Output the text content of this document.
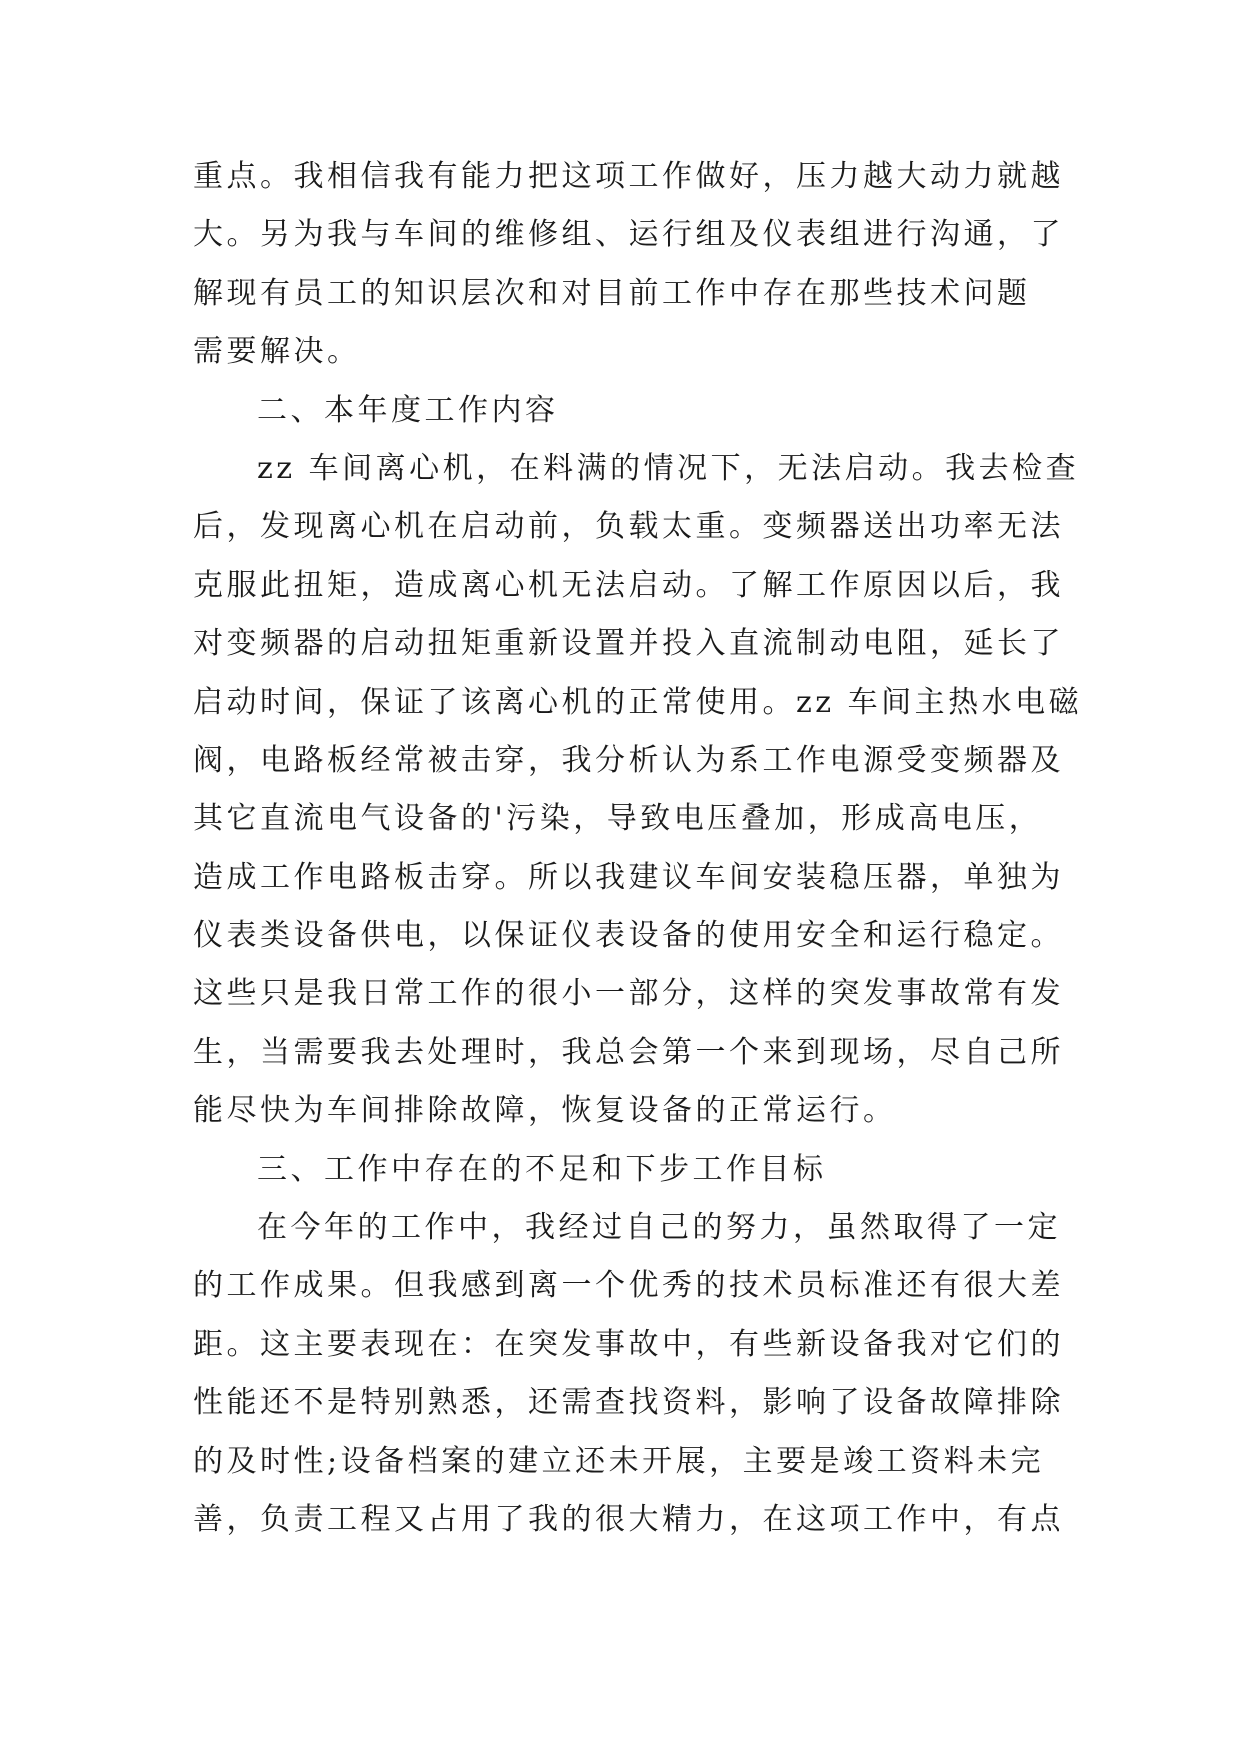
重点。我相信我有能力把这项工作做好，压力越大动力就越
大。另为我与车间的维修组、运行组及仪表组进行沟通，了
解现有员工的知识层次和对目前工作中存在那些技术问题
需要解决。
二、本年度工作内容
zz 车间离心机，在料满的情况下，无法启动。我去检查
后，发现离心机在启动前，负载太重。变频器送出功率无法
克服此扭矩，造成离心机无法启动。了解工作原因以后，我
对变频器的启动扭矩重新设置并投入直流制动电阻，延长了
启动时间，保证了该离心机的正常使用。zz 车间主热水电磁
阀，电路板经常被击穿，我分析认为系工作电源受变频器及
其它直流电气设备的'污染，导致电压叠加，形成高电压，
造成工作电路板击穿。所以我建议车间安装稳压器，单独为
仪表类设备供电，以保证仪表设备的使用安全和运行稳定。
这些只是我日常工作的很小一部分，这样的突发事故常有发
生，当需要我去处理时，我总会第一个来到现场，尽自己所
能尽快为车间排除故障，恢复设备的正常运行。
三、工作中存在的不足和下步工作目标
在今年的工作中，我经过自己的努力，虽然取得了一定
的工作成果。但我感到离一个优秀的技术员标准还有很大差
距。这主要表现在：在突发事故中，有些新设备我对它们的
性能还不是特别熟悉，还需查找资料，影响了设备故障排除
的及时性;设备档案的建立还未开展，主要是竣工资料未完
善，负责工程又占用了我的很大精力，在这项工作中，有点
